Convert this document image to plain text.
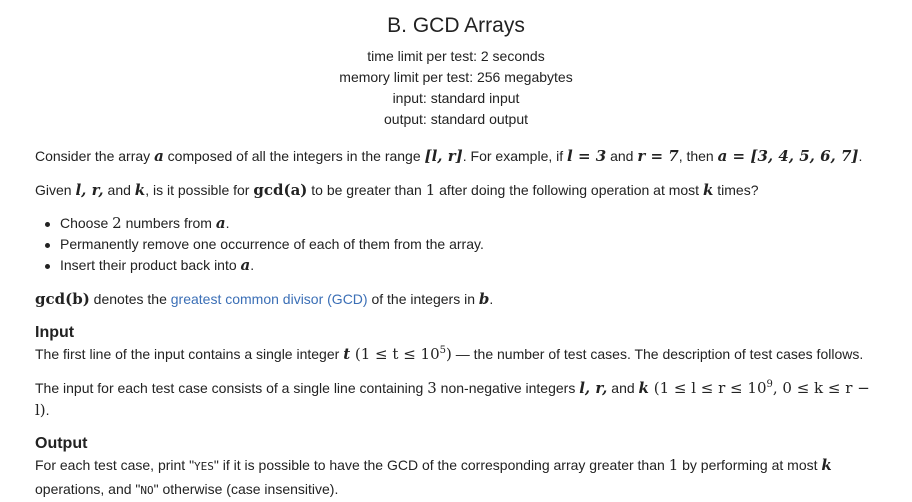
B. GCD Arrays
time limit per test: 2 seconds
memory limit per test: 256 megabytes
input: standard input
output: standard output

Consider the array a composed of all the integers in the range [l, r]. For example, if l = 3 and r = 7, then a = [3, 4, 5, 6, 7].

Given l, r, and k, is it possible for gcd(a) to be greater than 1 after doing the following operation at most k times?

Choose 2 numbers from a.
Permanently remove one occurrence of each of them from the array.
Insert their product back into a.

gcd(b) denotes the greatest common divisor (GCD) of the integers in b.

Input

The first line of the input contains a single integer t $(1 \le t \le 10^5)$ — the number of test cases. The description of test cases follows.

The input for each test case consists of a single line containing 3 non-negative integers l, r, and k ($1 \le l \le r \le 10^9$, 0 ≤ k ≤ r − l).

Output

For each test case, print "YES" if it is possible to have the GCD of the corresponding array greater than 1 by performing at most k
operations, and "NO" otherwise (case insensitive).
